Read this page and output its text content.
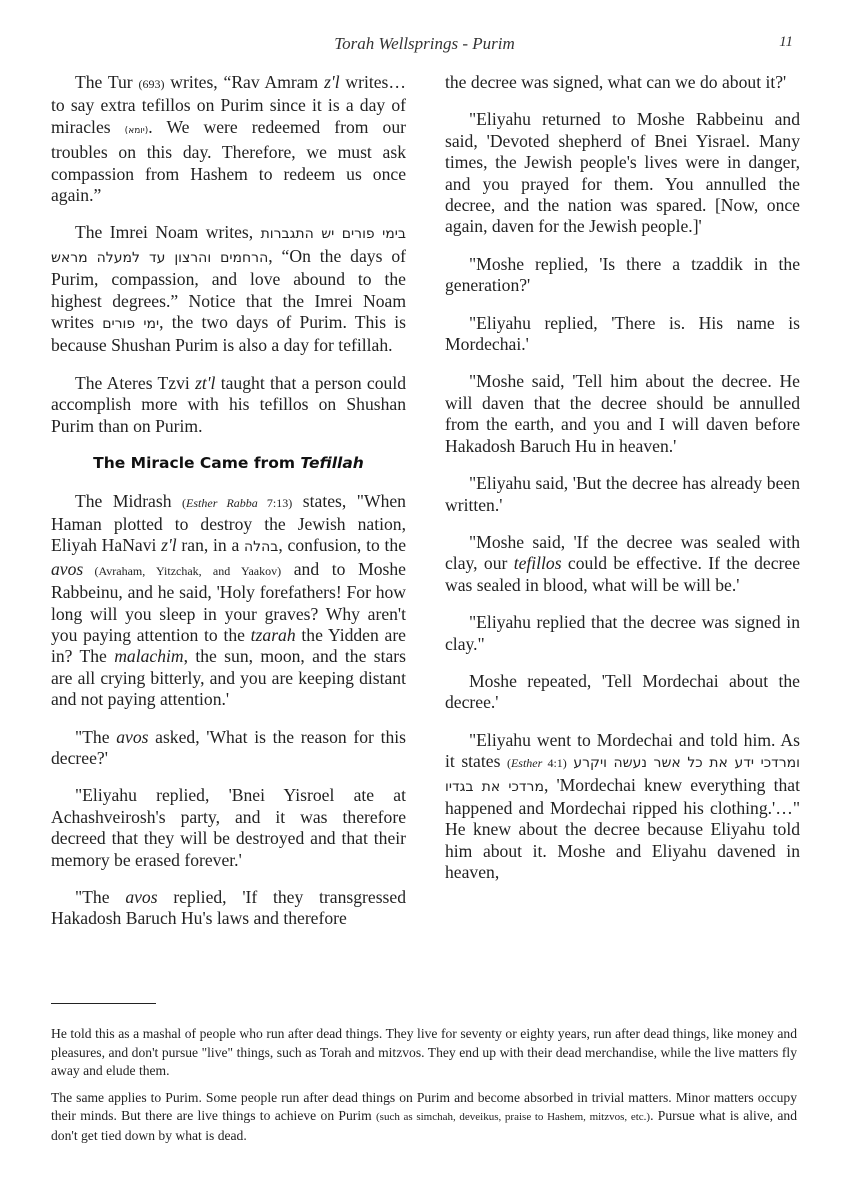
Torah Wellsprings - Purim	11

The Tur (693) writes, “Rav Amram z'l writes… to say extra tefillos on Purim since it is a day of miracles (יומא). We were redeemed from our troubles on this day. Therefore, we must ask compassion from Hashem to redeem us once again.”

The Imrei Noam writes, בימי פורים יש התגברות הרחמים והרצון עד למעלה מראש, “On the days of Purim, compassion, and love abound to the highest degrees.” Notice that the Imrei Noam writes ימי פורים, the two days of Purim. This is because Shushan Purim is also a day for tefillah.

The Ateres Tzvi zt'l taught that a person could accomplish more with his tefillos on Shushan Purim than on Purim.

The Miracle Came from Tefillah

The Midrash (Esther Rabba 7:13) states, "When Haman plotted to destroy the Jewish nation, Eliyah HaNavi z'l ran, in a בהלה, confusion, to the avos (Avraham, Yitzchak, and Yaakov) and to Moshe Rabbeinu, and he said, 'Holy forefathers! For how long will you sleep in your graves? Why aren't you paying attention to the tzarah the Yidden are in? The malachim, the sun, moon, and the stars are all crying bitterly, and you are keeping distant and not paying attention.'

"The avos asked, 'What is the reason for this decree?'

"Eliyahu replied, 'Bnei Yisroel ate at Achashveirosh's party, and it was therefore decreed that they will be destroyed and that their memory be erased forever.'

"The avos replied, 'If they transgressed Hakadosh Baruch Hu's laws and therefore

the decree was signed, what can we do about it?'

"Eliyahu returned to Moshe Rabbeinu and said, 'Devoted shepherd of Bnei Yisrael. Many times, the Jewish people's lives were in danger, and you prayed for them. You annulled the decree, and the nation was spared. [Now, once again, daven for the Jewish people.]'

"Moshe replied, 'Is there a tzaddik in the generation?'

"Eliyahu replied, 'There is. His name is Mordechai.'

"Moshe said, 'Tell him about the decree. He will daven that the decree should be annulled from the earth, and you and I will daven before Hakadosh Baruch Hu in heaven.'

"Eliyahu said, 'But the decree has already been written.'

"Moshe said, 'If the decree was sealed with clay, our tefillos could be effective. If the decree was sealed in blood, what will be will be.'

"Eliyahu replied that the decree was signed in clay."

Moshe repeated, 'Tell Mordechai about the decree.'

"Eliyahu went to Mordechai and told him. As it states (Esther 4:1) ומרדכי ידע את כל אשר נעשה ויקרע מרדכי את בגדיו, 'Mordechai knew everything that happened and Mordechai ripped his clothing.'…" He knew about the decree because Eliyahu told him about it. Moshe and Eliyahu davened in heaven,

He told this as a mashal of people who run after dead things. They live for seventy or eighty years, run after dead things, like money and pleasures, and don't pursue "live" things, such as Torah and mitzvos. They end up with their dead merchandise, while the live matters fly away and elude them.

The same applies to Purim. Some people run after dead things on Purim and become absorbed in trivial matters. Minor matters occupy their minds. But there are live things to achieve on Purim (such as simchah, deveikus, praise to Hashem, mitzvos, etc.). Pursue what is alive, and don't get tied down by what is dead.
